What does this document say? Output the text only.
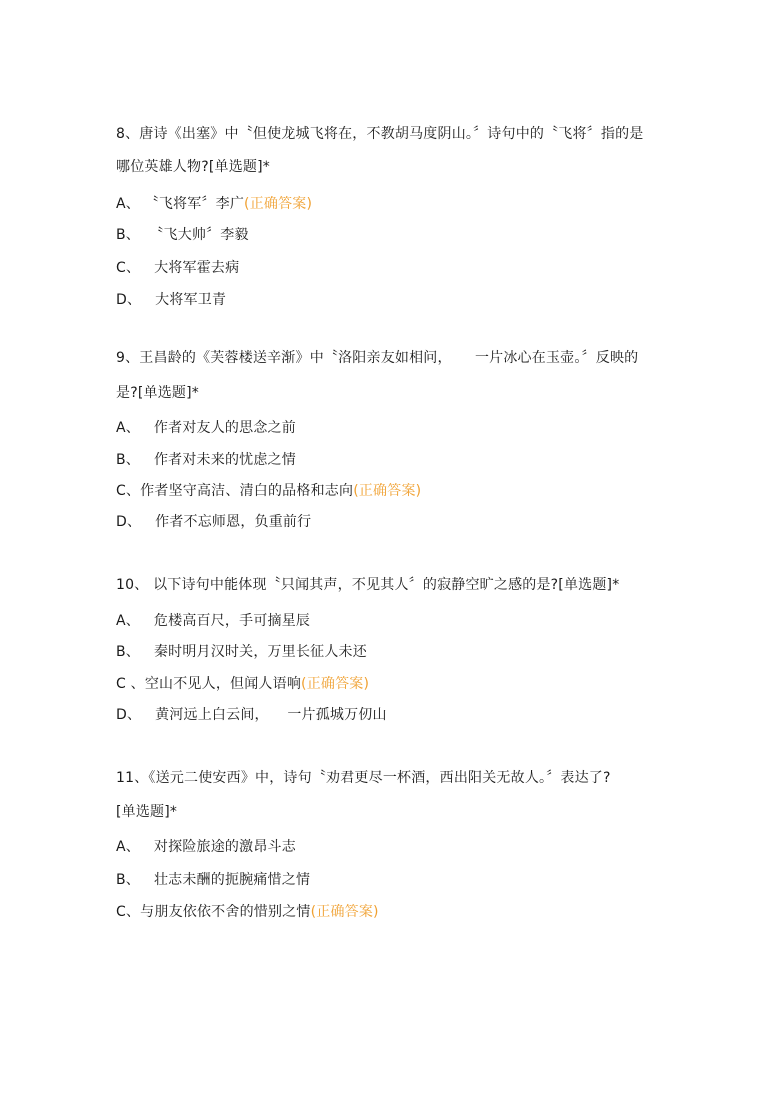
8、唐诗《出塞》中〝但使龙城飞将在，不教胡马度阴山。〞诗句中的〝飞将〞指的是
哪位英雄人物?[单选题]*
A、 〝飞将军〞李广(正确答案)
B、  〝飞大帅〞李毅
C、   大将军霍去病
D、   大将军卫青
9、王昌龄的《芙蓉楼送辛渐》中〝洛阳亲友如相问，     一片冰心在玉壶。〞反映的
是?[单选题]*
A、   作者对友人的思念之前
B、   作者对未来的忧虑之情
C、作者坚守高洁、清白的品格和志向(正确答案)
D、   作者不忘师恩，负重前行
10、 以下诗句中能体现〝只闻其声，不见其人〞的寂静空旷之感的是?[单选题]*
A、   危楼高百尺，手可摘星辰
B、   秦时明月汉时关，万里长征人未还
C 、空山不见人，但闻人语响(正确答案)
D、   黄河远上白云间，    一片孤城万仞山
11、《送元二使安西》中，诗句〝劝君更尽一杯酒，西出阳关无故人。〞表达了?
[单选题]*
A、   对探险旅途的激昂斗志
B、   壮志未酬的扼腕痛惜之情
C、与朋友依依不舍的惜别之情(正确答案)
